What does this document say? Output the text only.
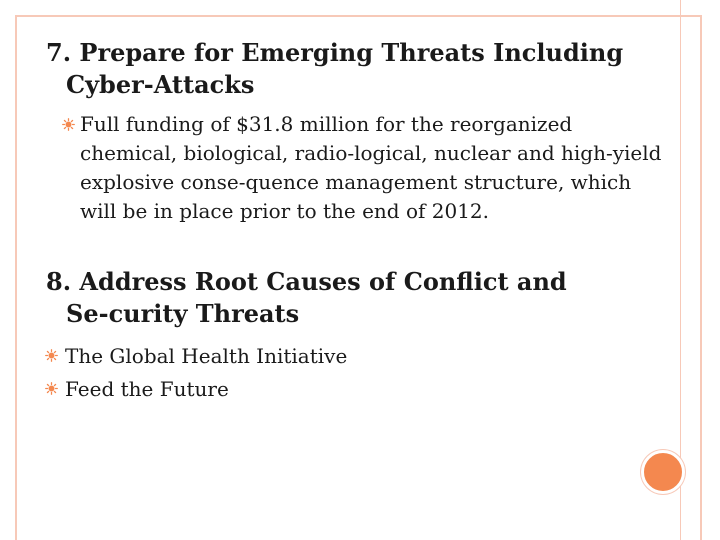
7. Prepare for Emerging Threats Including
Cyber-Attacks
Full funding of $31.8 million for the reorganized chemical, biological, radio-logical, nuclear and high-yield explosive conse-quence management structure, which will be in place prior to the end of 2012.
8. Address Root Causes of Conflict and
Se-curity Threats
The Global Health Initiative
Feed the Future
